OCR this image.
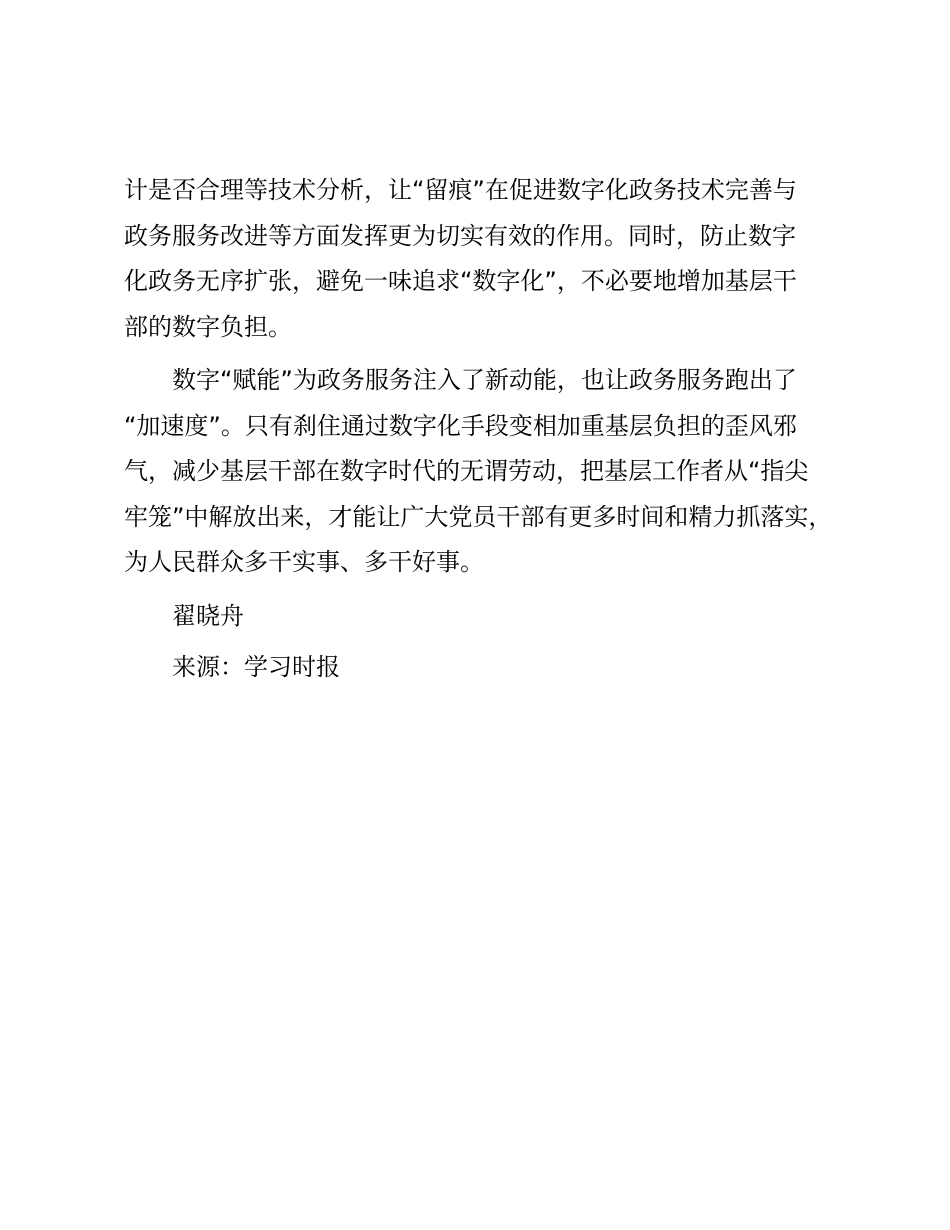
计是否合理等技术分析，让“留痕”在促进数字化政务技术完善与
政务服务改进等方面发挥更为切实有效的作用。同时，防止数字
化政务无序扩张，避免一味追求“数字化”，不必要地增加基层干
部的数字负担。

数字“赋能”为政务服务注入了新动能，也让政务服务跑出了
“加速度”。只有刹住通过数字化手段变相加重基层负担的歪风邪
气，减少基层干部在数字时代的无谓劳动，把基层工作者从“指尖
牢笼”中解放出来，才能让广大党员干部有更多时间和精力抓落实，
为人民群众多干实事、多干好事。

翟晓舟

来源：学习时报
